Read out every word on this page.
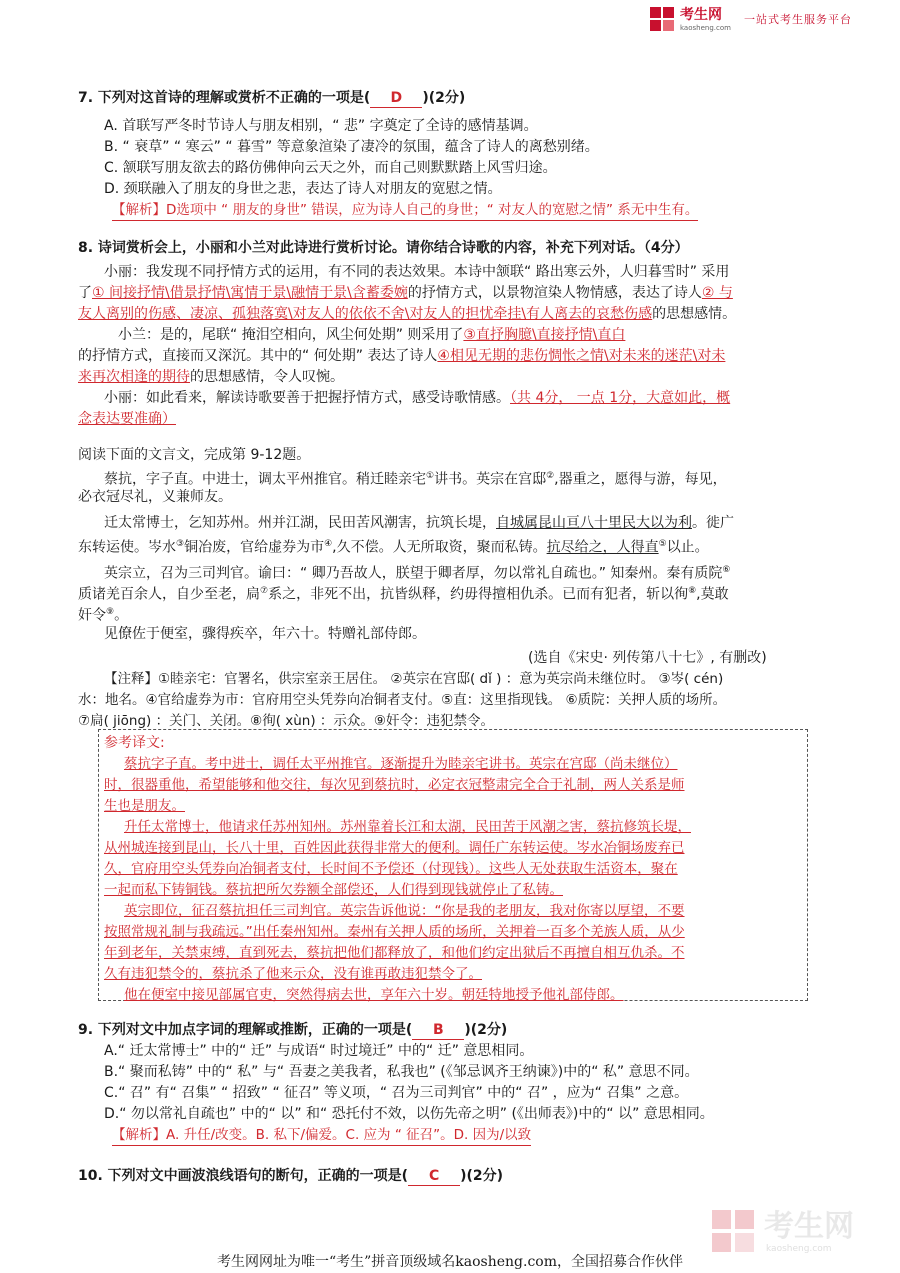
考生网
kaosheng.com
一站式考生服务平台
7. 下列对这首诗的理解或赏析不正确的一项是( D )(2分)
A. 首联写严冬时节诗人与朋友相别，“ 悲” 字奠定了全诗的感情基调。
B. “ 衰草” “ 寒云” “ 暮雪” 等意象渲染了凄冷的氛围，蕴含了诗人的离愁别绪。
C. 颔联写朋友欲去的路仿佛伸向云天之外，而自己则默默踏上风雪归途。
D. 颈联融入了朋友的身世之悲，表达了诗人对朋友的宽慰之情。
【解析】D选项中 “ 朋友的身世” 错误，应为诗人自己的身世；“ 对友人的宽慰之情” 系无中生有。
8. 诗词赏析会上，小丽和小兰对此诗进行赏析讨论。请你结合诗歌的内容，补充下列对话。（4分）
小丽：我发现不同抒情方式的运用，有不同的表达效果。本诗中颔联“ 路出寒云外，人归暮雪时” 采用
了① 间接抒情\借景抒情\寓情于景\融情于景\含蓄委婉的抒情方式，以景物渲染人物情感，表达了诗人② 与
友人离别的伤感、凄凉、孤独落寞\对友人的依依不舍\对友人的担忧牵挂\有人离去的哀愁伤感的思想感情。
小兰：是的，尾联“ 掩泪空相向，风尘何处期” 则采用了③直抒胸臆\直接抒情\直白
的抒情方式，直接而又深沉。其中的“ 何处期” 表达了诗人④相见无期的悲伤惆怅之情\对未来的迷茫\对未
来再次相逢的期待的思想感情，令人叹惋。
小丽：如此看来，解读诗歌要善于把握抒情方式，感受诗歌情感。（共 4分， 一点 1分，大意如此，概
念表达要准确）
阅读下面的文言文，完成第 9-12题。
蔡抗，字子直。中进士，调太平州推官。稍迁睦亲宅①讲书。英宗在宫邸②,器重之，愿得与游，每见，
必衣冠尽礼，义兼师友。
迁太常博士，乞知苏州。州并江湖，民田苦风潮害，抗筑长堤，自城属昆山亘八十里民大以为利。徙广
东转运使。岑水③铜冶废，官给虚券为市④,久不偿。人无所取资，聚而私铸。抗尽给之，人得直⑤以止。
英宗立，召为三司判官。谕曰：“ 卿乃吾故人，朕望于卿者厚，勿以常礼自疏也。” 知秦州。秦有质院⑥
质诸羌百余人，自少至老，扃⑦系之，非死不出，抗皆纵释，约毋得擅相仇杀。已而有犯者，斩以徇⑧,莫敢
奸令⑨。
见僚佐于便室，骤得疾卒，年六十。特赠礼部侍郎。
(选自《宋史· 列传第八十七》, 有删改)
【注释】①睦亲宅：官署名，供宗室亲王居住。 ②英宗在宫邸( dǐ ) ：意为英宗尚未继位时。 ③岑( cén)
水：地名。④官给虚券为市：官府用空头凭券向冶铜者支付。⑤直：这里指现钱。 ⑥质院：关押人质的场所。
⑦扃( jiōng) ：关门、关闭。⑧徇( xùn) ：示众。⑨奸令：违犯禁令。
参考译文:
蔡抗字子直。考中进士，调任太平州推官。逐渐提升为睦亲宅讲书。英宗在宫邸（尚未继位）
时，很器重他，希望能够和他交往，每次见到蔡抗时，必定衣冠整肃完全合于礼制，两人关系是师
生也是朋友。
升任太常博士，他请求任苏州知州。苏州靠着长江和太湖，民田苦于风潮之害，蔡抗修筑长堤，
从州城连接到昆山，长八十里，百姓因此获得非常大的便利。调任广东转运使。岑水冶铜场废弃已
久，官府用空头凭券向冶铜者支付，长时间不予偿还（付现钱）。这些人无处获取生活资本，聚在
一起而私下铸铜钱。蔡抗把所欠券额全部偿还，人们得到现钱就停止了私铸。
英宗即位，征召蔡抗担任三司判官。英宗告诉他说：“你是我的老朋友，我对你寄以厚望，不要
按照常规礼制与我疏远。”出任秦州知州。秦州有关押人质的场所，关押着一百多个羌族人质，从少
年到老年，关禁束缚，直到死去，蔡抗把他们都释放了，和他们约定出狱后不再擅自相互仇杀。不
久有违犯禁令的，蔡抗杀了他来示众，没有谁再敢违犯禁令了。
他在便室中接见部属官吏，突然得病去世，享年六十岁。朝廷特地授予他礼部侍郎。
9. 下列对文中加点字词的理解或推断，正确的一项是( B )(2分)
A.“ 迁太常博士” 中的“ 迁” 与成语“ 时过境迁” 中的“ 迁” 意思相同。
B.“ 聚而私铸” 中的“ 私” 与“ 吾妻之美我者，私我也” (《邹忌讽齐王纳谏》)中的“ 私” 意思不同。
C.“ 召” 有“ 召集” “ 招致” “ 征召” 等义项，“ 召为三司判官” 中的“ 召” ，应为“ 召集” 之意。
D.“ 勿以常礼自疏也” 中的“ 以” 和“ 恐托付不效，以伤先帝之明” (《出师表》)中的“ 以” 意思相同。
【解析】A. 升任/改变。B. 私下/偏爱。C. 应为 “ 征召”。D. 因为/以致
10. 下列对文中画波浪线语句的断句，正确的一项是( C )(2分)
考生网
kaosheng.com
考生网网址为唯一“考生”拼音顶级域名kaosheng.com，全国招募合作伙伴
